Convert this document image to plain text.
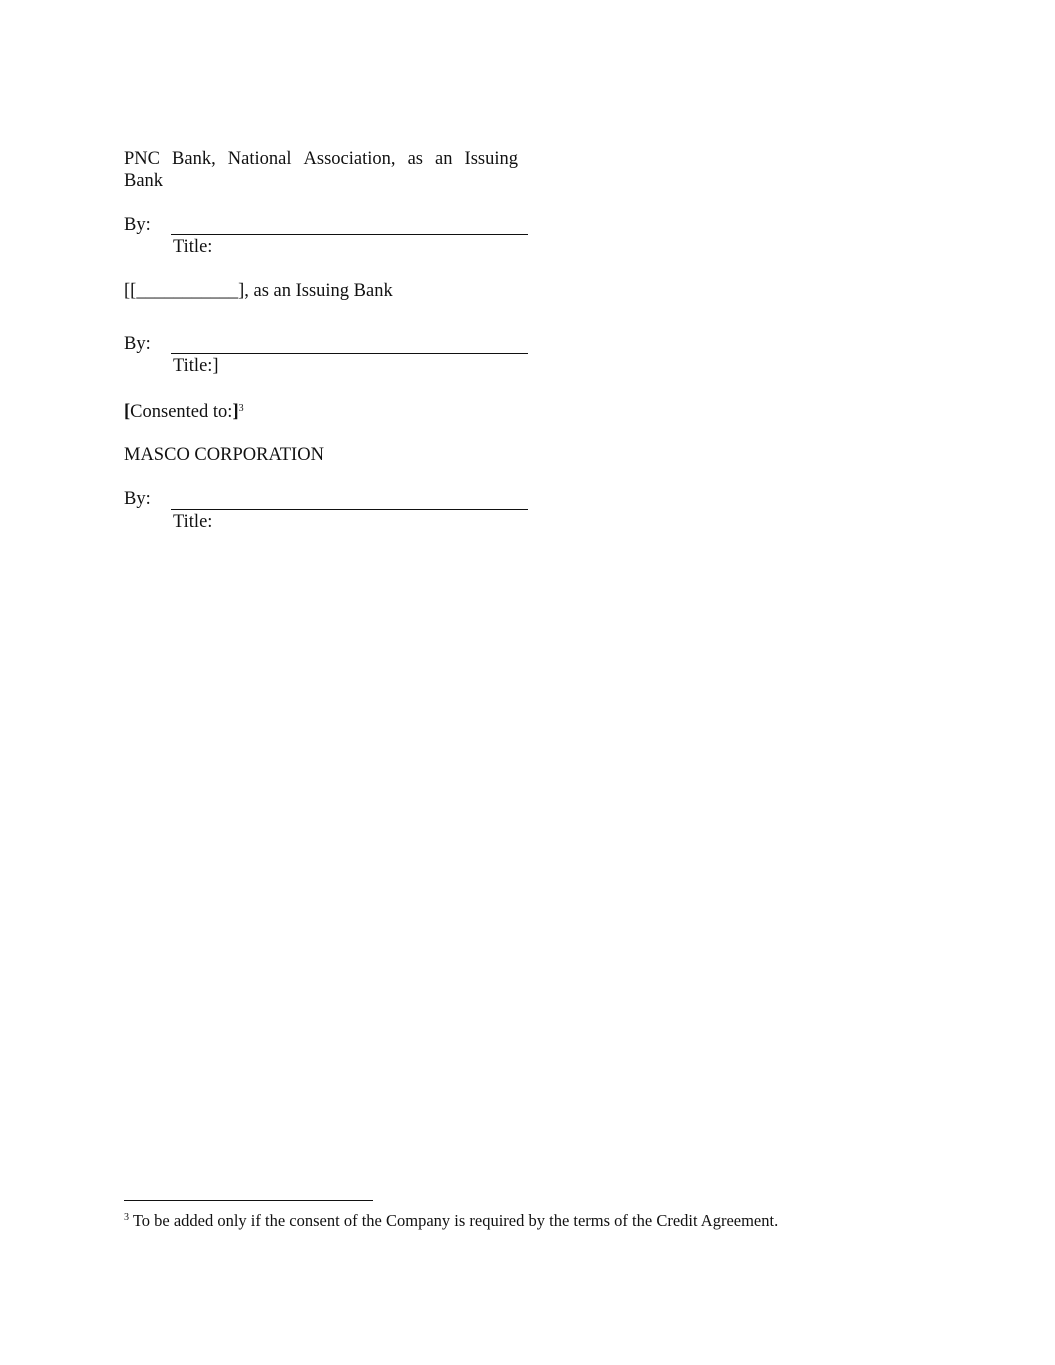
PNC Bank, National Association, as an Issuing
Bank
By:
Title:
[[___________], as an Issuing Bank
By:
Title:]
[Consented to:]$^3$
MASCO CORPORATION
By:
Title:
$^3$ To be added only if the consent of the Company is required by the terms of the Credit Agreement.
